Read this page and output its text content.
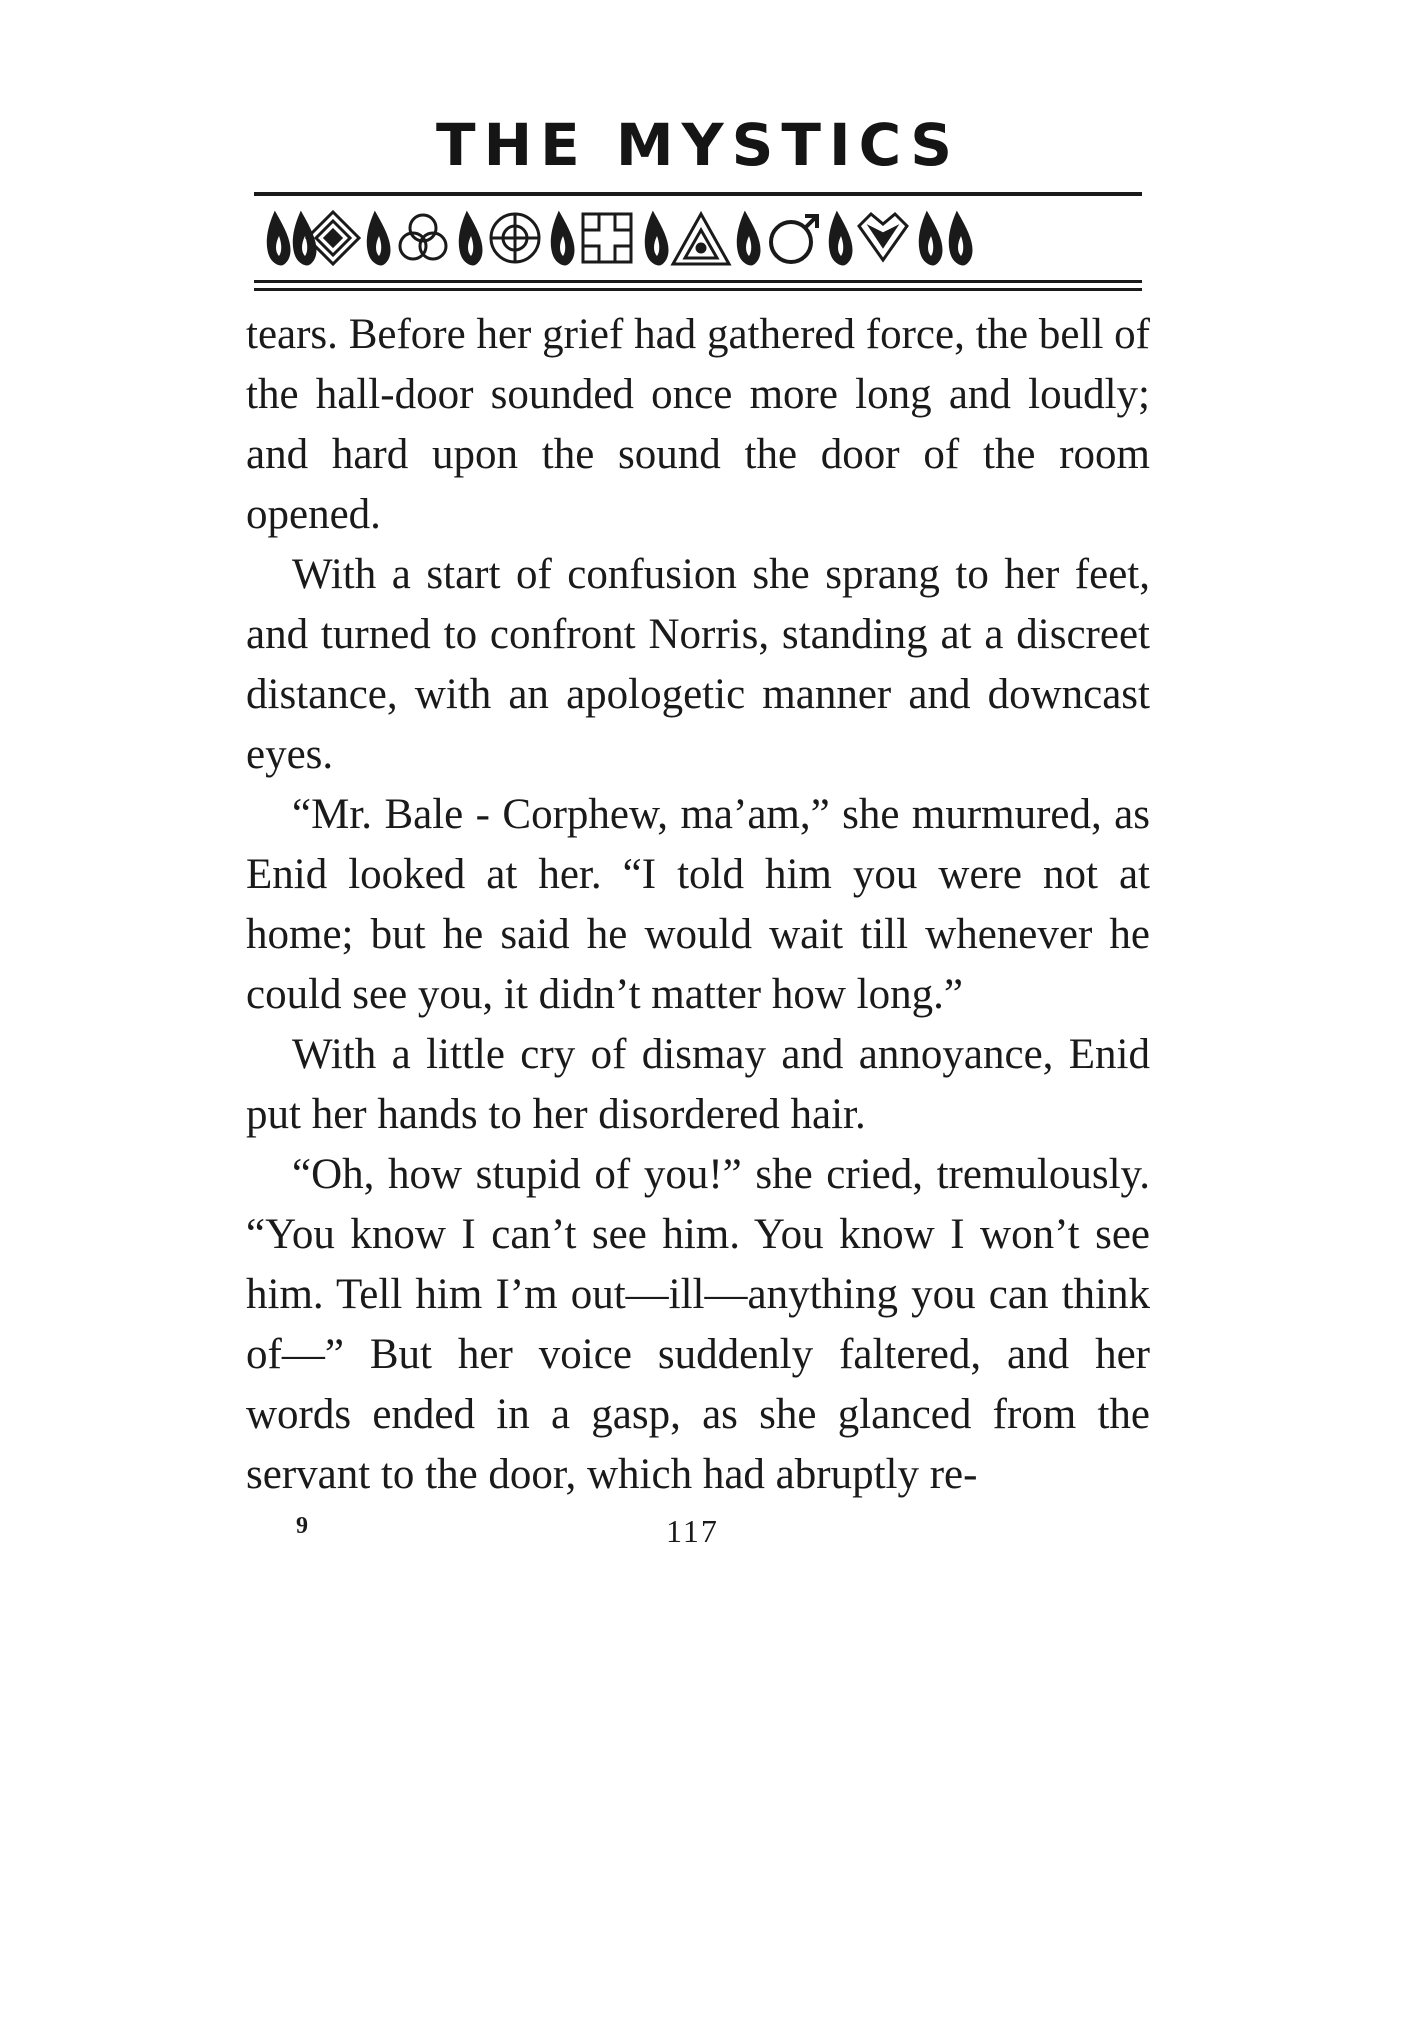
THE MYSTICS

tears. Before her grief had gathered force, the bell of the hall-door sounded once more long and loudly; and hard upon the sound the door of the room opened.

With a start of confusion she sprang to her feet, and turned to confront Norris, standing at a discreet distance, with an apologetic manner and downcast eyes.

“Mr. Bale - Corphew, ma’am,” she murmured, as Enid looked at her. “I told him you were not at home; but he said he would wait till whenever he could see you, it didn’t matter how long.”

With a little cry of dismay and annoyance, Enid put her hands to her disordered hair.

“Oh, how stupid of you!” she cried, tremulously. “You know I can’t see him. You know I won’t see him. Tell him I’m out—ill—anything you can think of—” But her voice suddenly faltered, and her words ended in a gasp, as she glanced from the servant to the door, which had abruptly re-

9	117
